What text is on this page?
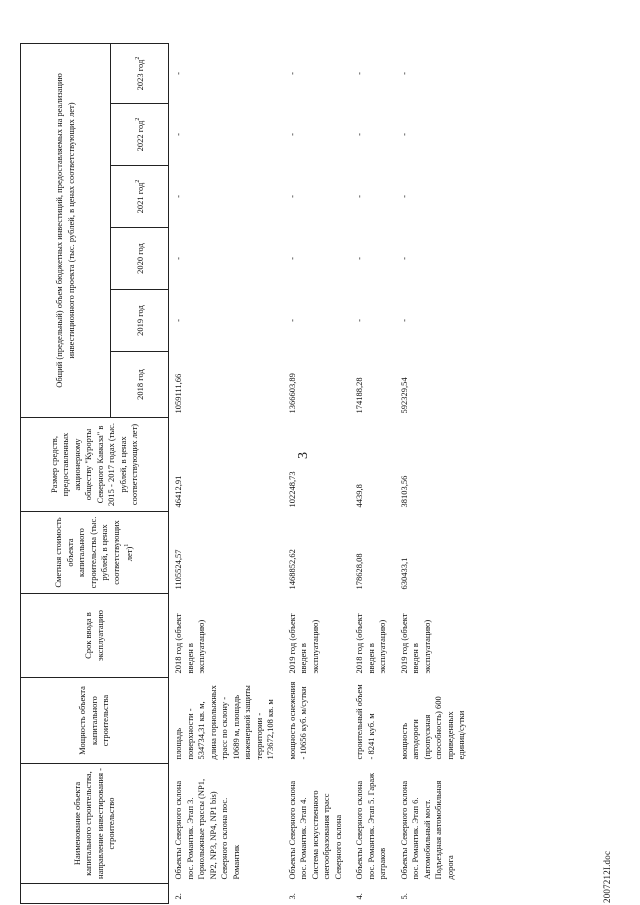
3
	Наименование объекта капитального строительства, направление инвестирования - строительство	Мощность объекта капитального строительства	Срок ввода в эксплуатацию	Сметная стоимость объекта капитального строительства (тыс. рублей, в ценах соответствующих лет)$^1$	Размер средств, предоставленных акционерному обществу "Курорты Северного Кавказа" в 2015 - 2017 годах (тыс. рублей, в ценах соответствующих лет)	Общий (предельный) объем бюджетных инвестиций, предоставляемых на реализацию инвестиционного проекта (тыс. рублей, в ценах соответствующих лет)					
						2018 год	2019 год	2020 год	2021 год$^2$	2022 год$^2$	2023 год$^2$
2.	Объекты Северного склона пос. Романтик. Этап 3. Горнолыжные трассы (NP1, NP2, NP3, NP4, NP1 bis) Северного склона пос. Романтик	площадь поверхности - 534734,31 кв. м, длина горнолыжных трасс по склону - 10689 м, площадь инженерной защиты территории - 173672,108 кв. м	2018 год (объект введен в эксплуатацию)	1105524,57	46412,91	1059111,66	-	-	-	-	-
3.	Объекты Северного склона пос. Романтик. Этап 4. Система искусственного снегообразования трасс Северного склона	мощность оснежения - 10656 куб. м/сутки	2019 год (объект введен в эксплуатацию)	1468852,62	102248,73	1366603,89	-	-	-	-	-
4.	Объекты Северного склона пос. Романтик. Этап 5. Гараж ратраков	строительный объем - 8241 куб. м	2018 год (объект введен в эксплуатацию)	178628,08	4439,8	174188,28	-	-	-	-	-
5.	Объекты Северного склона пос. Романтик. Этап 6. Автомобильный мост. Подъездная автомобильная дорога	мощность автодороги (пропускная способность) 600 приведенных единиц/сутки	2019 год (объект введен в эксплуатацию)	630433,1	38103,56	592329,54	-	-	-	-	-
2007212I.doc
